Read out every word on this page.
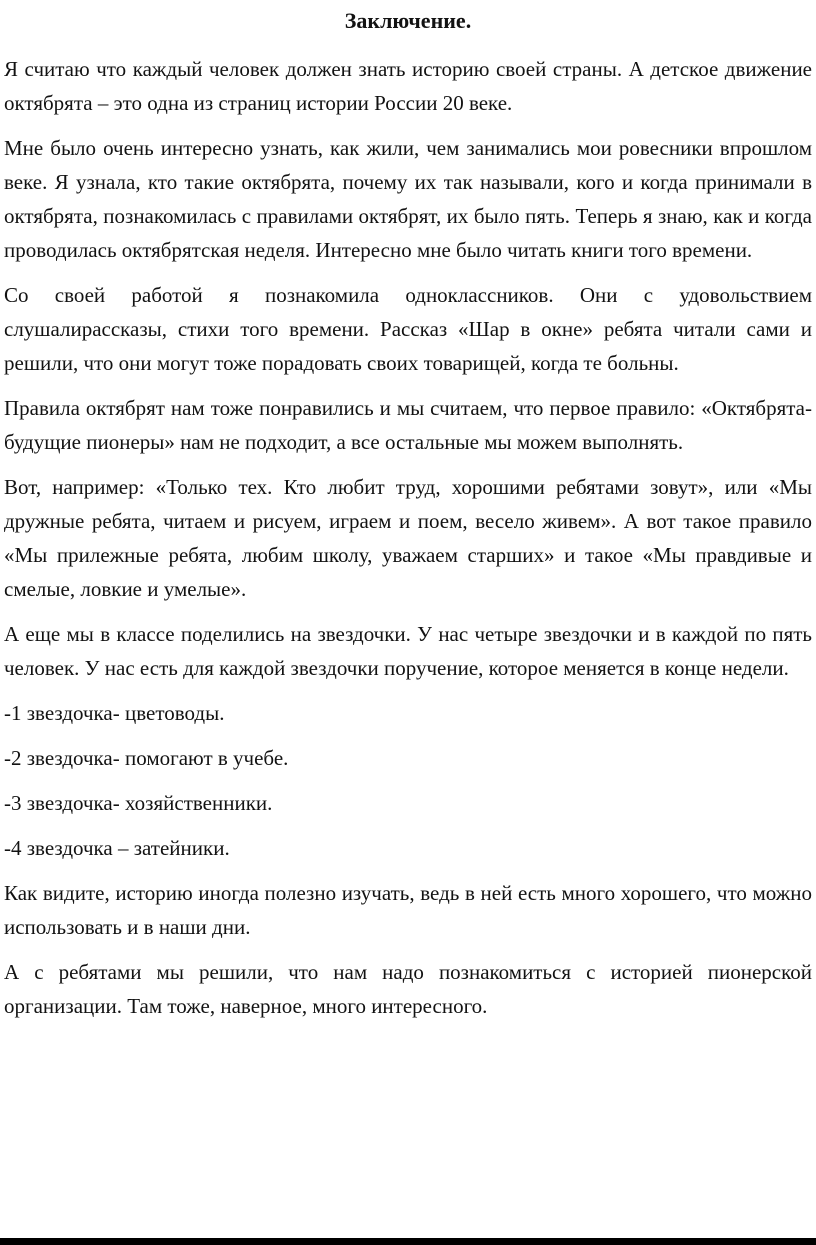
Заключение.

Я считаю что каждый человек должен знать историю своей страны. А детское движение октябрята – это одна из страниц истории России 20 веке.

Мне было очень интересно узнать, как жили, чем занимались мои ровесники впрошлом веке. Я узнала, кто такие октябрята, почему их так называли, кого и когда принимали в октябрята, познакомилась с правилами октябрят, их было пять. Теперь я знаю, как и когда проводилась октябрятская неделя. Интересно мне было читать книги того времени.

Со своей работой я познакомила одноклассников. Они с удовольствием слушалирассказы, стихи того времени. Рассказ «Шар в окне» ребята читали сами и решили, что они могут тоже порадовать своих товарищей, когда те больны.

Правила октябрят нам тоже понравились и мы считаем, что первое правило: «Октябрята- будущие пионеры» нам не подходит, а все остальные мы можем выполнять.

Вот, например: «Только тех. Кто любит труд, хорошими ребятами зовут», или «Мы дружные ребята, читаем и рисуем, играем и поем, весело живем». А вот такое правило «Мы прилежные ребята, любим школу, уважаем старших» и такое «Мы правдивые и смелые, ловкие и умелые».

А еще мы в классе поделились на звездочки. У нас четыре звездочки и в каждой по пять человек. У нас есть для каждой звездочки поручение, которое меняется в конце недели.

-1 звездочка- цветоводы.

-2 звездочка- помогают в учебе.

-3 звездочка- хозяйственники.

-4 звездочка – затейники.

Как видите, историю иногда полезно изучать, ведь в ней есть много хорошего, что можно использовать и в наши дни.

А с ребятами мы решили, что нам надо познакомиться с историей пионерской организации. Там тоже, наверное, много интересного.
